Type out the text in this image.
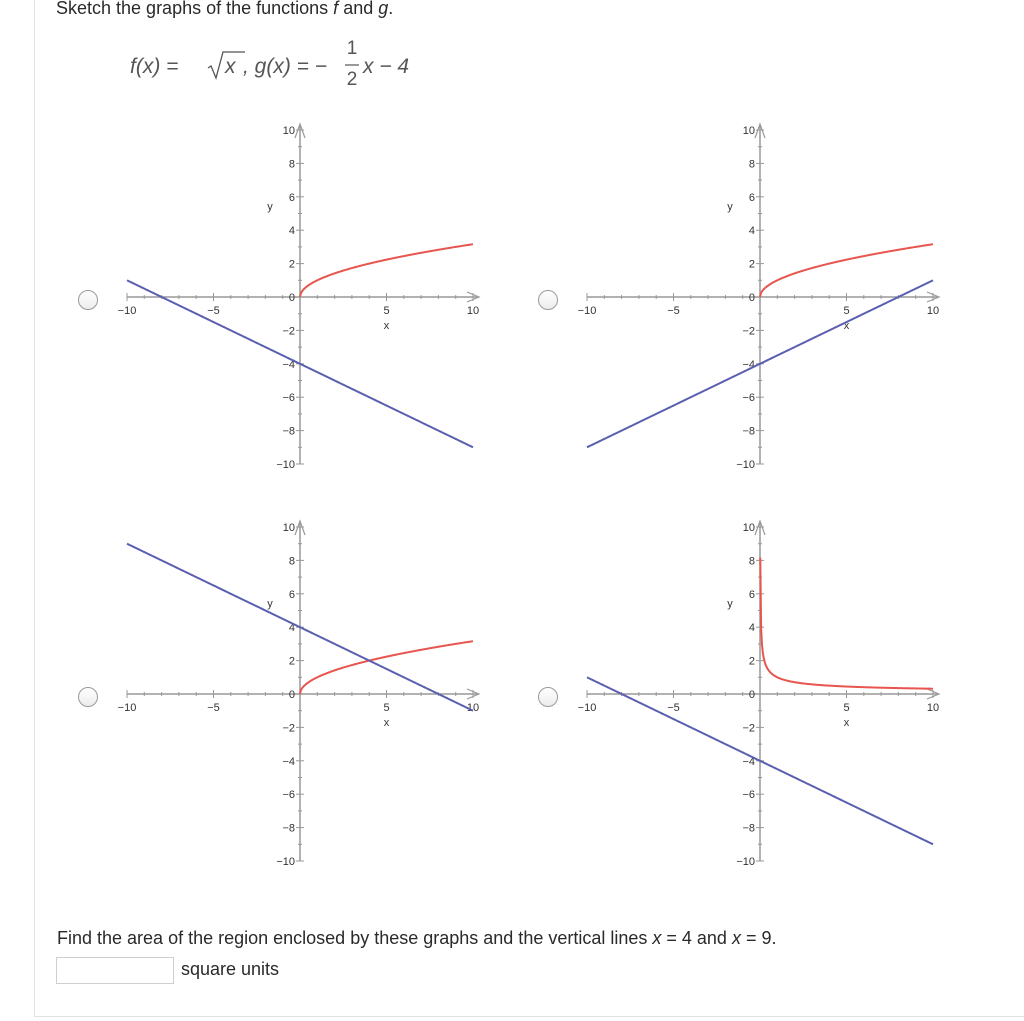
Sketch the graphs of the functions f and g.
f(x) = x , g(x) = −
1
2
x − 4
−10	−5	5	10
10
8
6
4
2
0
−2
−4
−6
−8
−10
x
y
−10	−5	5	10
10
8
6
4
2
0
−2
−4
−6
−8
−10
x
y
−10	−5	5	10
10
8
6
4
2
0
−2
−4
−6
−8
−10
x
y
−10	−5	5	10
10
8
6
4
2
0
−2
−4
−6
−8
−10
x
y
Find the area of the region enclosed by these graphs and the vertical lines x = 4 and x = 9.
square units
